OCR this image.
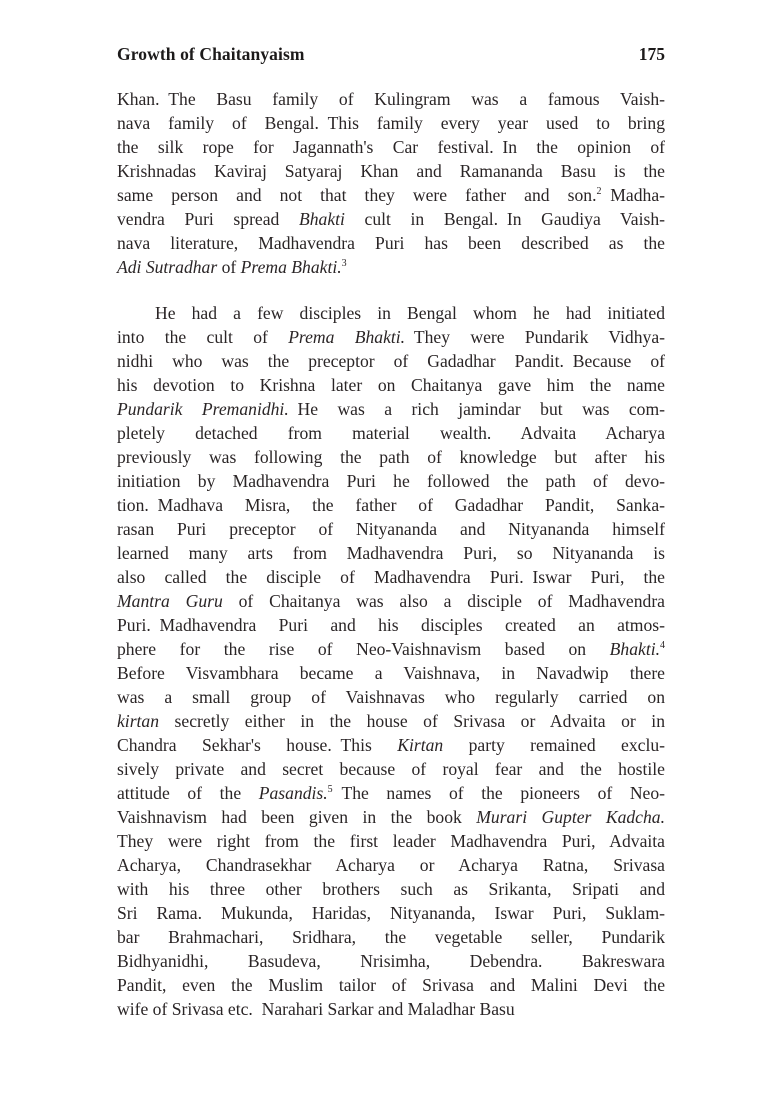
Growth of Chaitanyaism	175
Khan. The Basu family of Kulingram was a famous Vaish-
nava family of Bengal. This family every year used to bring
the silk rope for Jagannath's Car festival. In the opinion of
Krishnadas Kaviraj Satyaraj Khan and Ramananda Basu is the
same person and not that they were father and son.$^2$ Madha-
vendra Puri spread Bhakti cult in Bengal. In Gaudiya Vaish-
nava literature, Madhavendra Puri has been described as the
Adi Sutradhar of Prema Bhakti.$^3$
He had a few disciples in Bengal whom he had initiated
into the cult of Prema Bhakti. They were Pundarik Vidhya-
nidhi who was the preceptor of Gadadhar Pandit. Because of
his devotion to Krishna later on Chaitanya gave him the name
Pundarik Premanidhi. He was a rich jamindar but was com-
pletely detached from material wealth. Advaita Acharya
previously was following the path of knowledge but after his
initiation by Madhavendra Puri he followed the path of devo-
tion. Madhava Misra, the father of Gadadhar Pandit, Sanka-
rasan Puri preceptor of Nityananda and Nityananda himself
learned many arts from Madhavendra Puri, so Nityananda is
also called the disciple of Madhavendra Puri. Iswar Puri, the
Mantra Guru of Chaitanya was also a disciple of Madhavendra
Puri. Madhavendra Puri and his disciples created an atmos-
phere for the rise of Neo-Vaishnavism based on Bhakti.$^4$
Before Visvambhara became a Vaishnava, in Navadwip there
was a small group of Vaishnavas who regularly carried on
kirtan secretly either in the house of Srivasa or Advaita or in
Chandra Sekhar's house. This Kirtan party remained exclu-
sively private and secret because of royal fear and the hostile
attitude of the Pasandis.$^5$ The names of the pioneers of Neo-
Vaishnavism had been given in the book Murari Gupter Kadcha.
They were right from the first leader Madhavendra Puri, Advaita
Acharya, Chandrasekhar Acharya or Acharya Ratna, Srivasa
with his three other brothers such as Srikanta, Sripati and
Sri Rama. Mukunda, Haridas, Nityananda, Iswar Puri, Suklam-
bar Brahmachari, Sridhara, the vegetable seller, Pundarik
Bidhyanidhi, Basudeva, Nrisimha, Debendra. Bakreswara
Pandit, even the Muslim tailor of Srivasa and Malini Devi the
wife of Srivasa etc. Narahari Sarkar and Maladhar Basu
